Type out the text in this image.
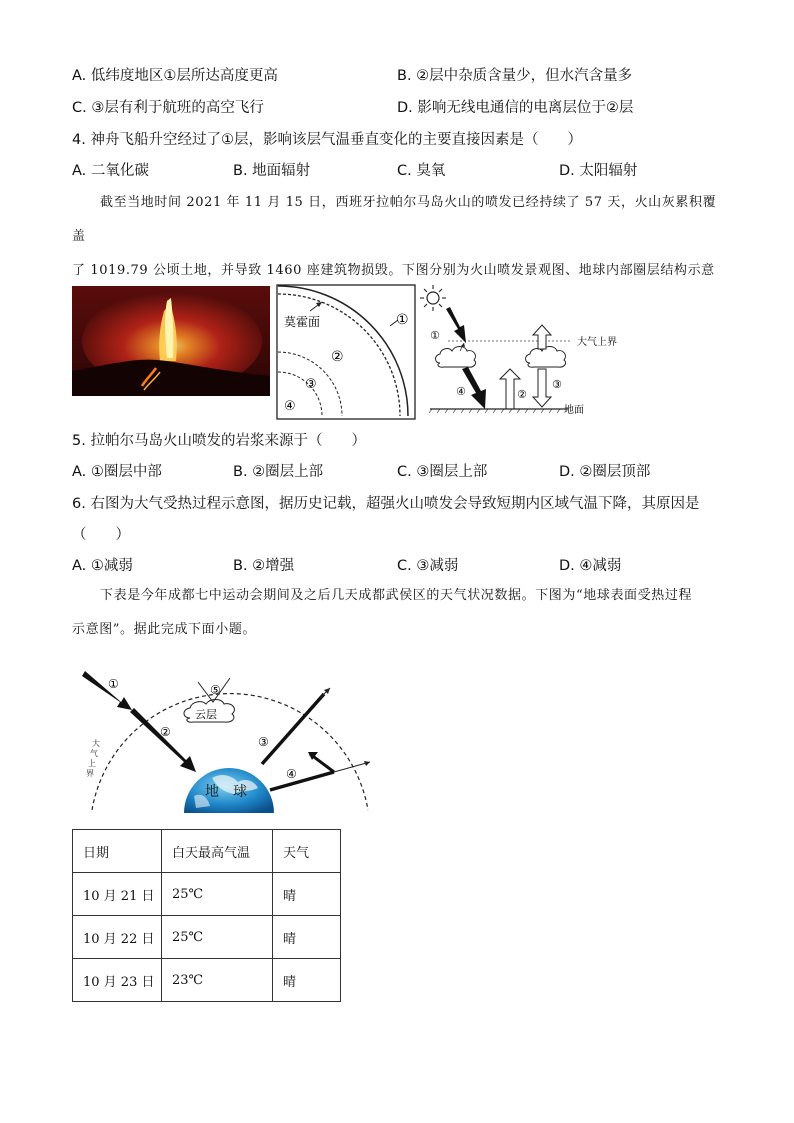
A. 低纬度地区①层所达高度更高	B. ②层中杂质含量少，但水汽含量多
C. ③层有利于航班的高空飞行	D. 影响无线电通信的电离层位于②层
4. 神舟飞船升空经过了①层，影响该层气温垂直变化的主要直接因素是（　　）
A. 二氧化碳	B. 地面辐射	C. 臭氧	D. 太阳辐射
截至当地时间 2021 年 11 月 15 日，西班牙拉帕尔马岛火山的喷发已经持续了 57 天，火山灰累积覆盖
了 1019.79 公顷土地，并导致 1460 座建筑物损毁。下图分别为火山喷发景观图、地球内部圈层结构示意
莫霍面
②
③
④
①
大气上界
①
④	②
③
地面
5. 拉帕尔马岛火山喷发的岩浆来源于（　　）
A. ①圈层中部	B. ②圈层上部	C. ③圈层上部	D. ②圈层顶部
6. 右图为大气受热过程示意图，据历史记载，超强火山喷发会导致短期内区域气温下降，其原因是
（　　）
A. ①减弱	B. ②增强	C. ③减弱	D. ④减弱
下表是今年成都七中运动会期间及之后几天成都武侯区的天气状况数据。下图为“地球表面受热过程
示意图”。据此完成下面小题。
地　球
①
②
云层
⑤
③
④
大
气
上
界
日期	白天最高气温	天气
10 月 21 日	25℃	晴
10 月 22 日	25℃	晴
10 月 23 日	23℃	晴
